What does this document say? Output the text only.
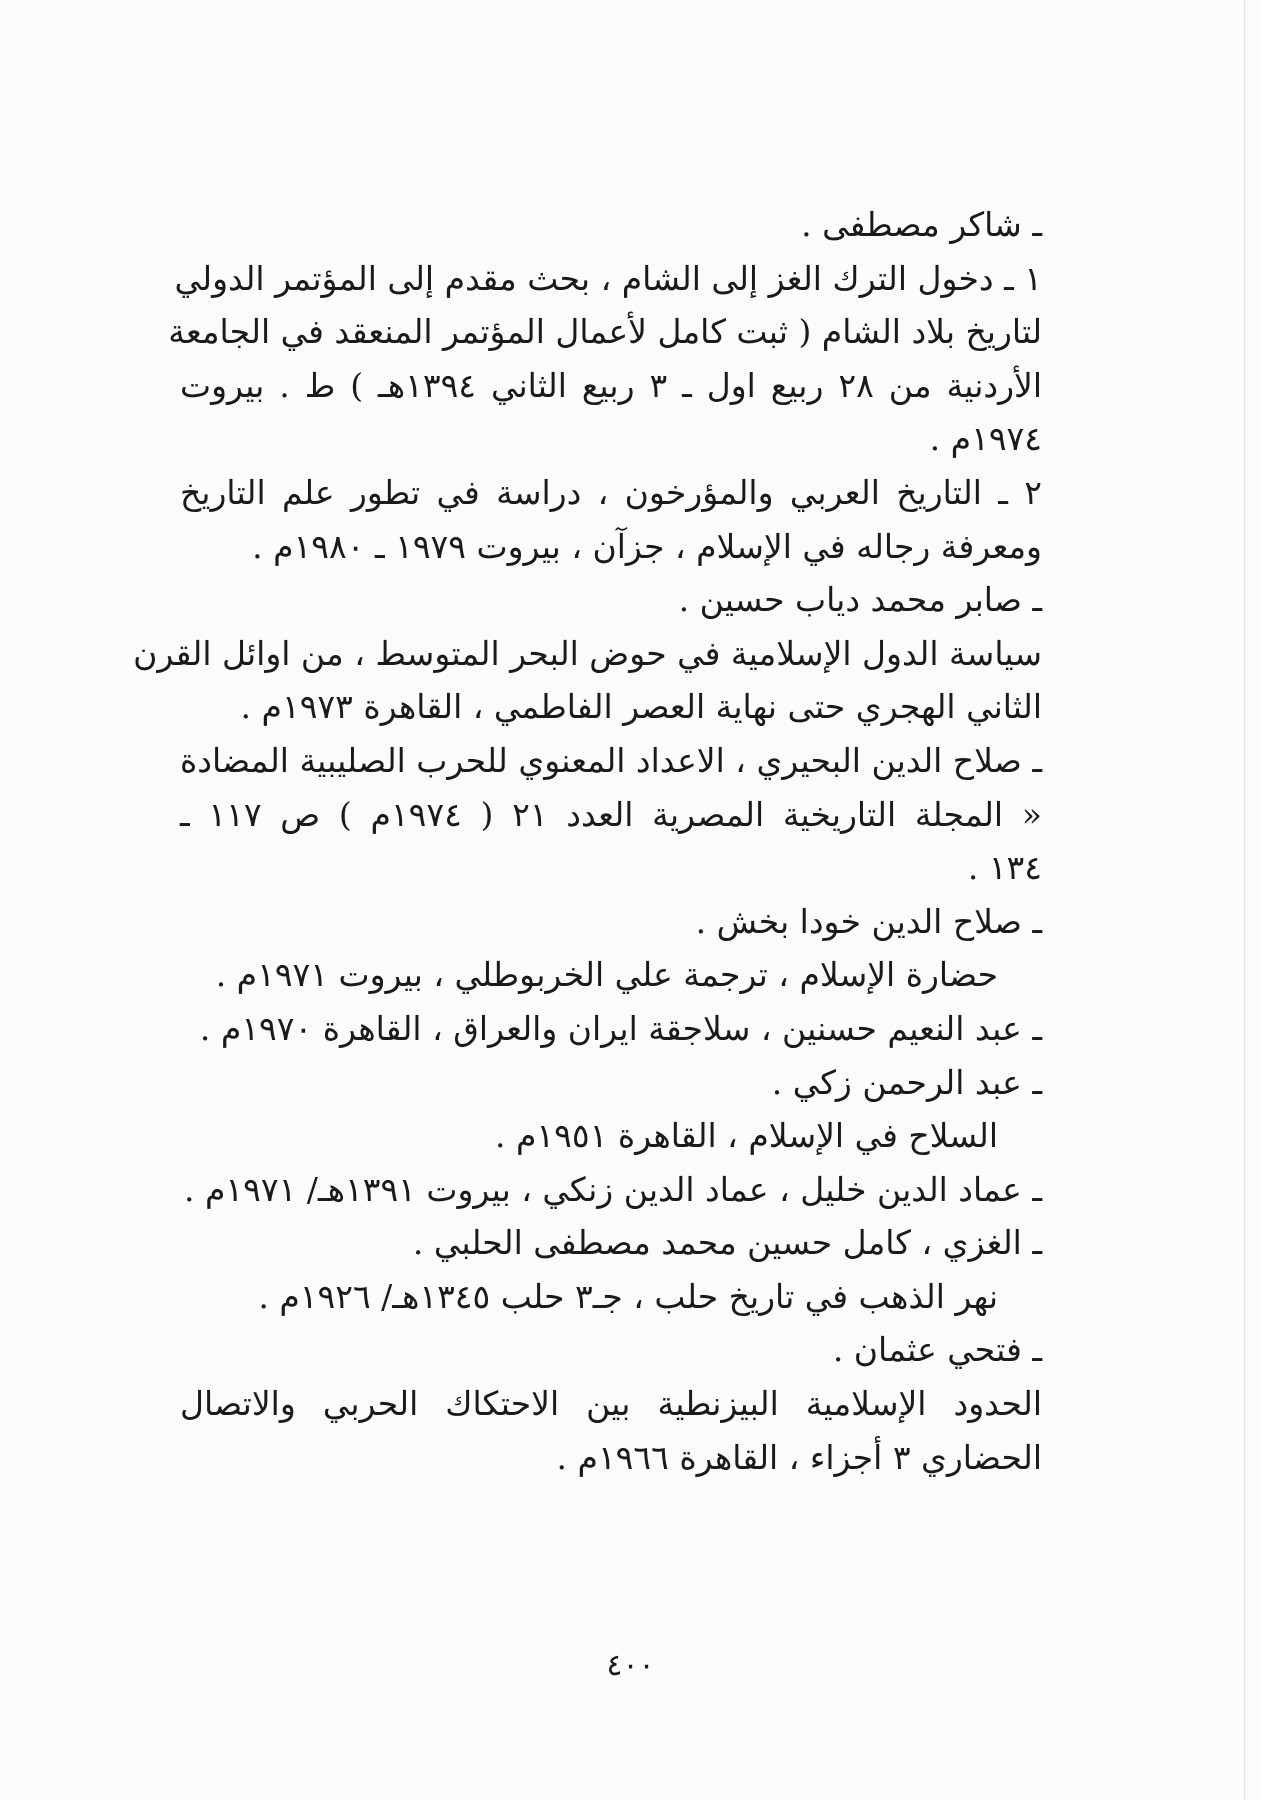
ـ شاكر مصطفى .
١ ـ دخول الترك الغز إلى الشام ، بحث مقدم إلى المؤتمر الدولي
لتاريخ بلاد الشام ( ثبت كامل لأعمال المؤتمر المنعقد في الجامعة
الأردنية من ٢٨ ربيع اول ـ ٣ ربيع الثاني ١٣٩٤هـ ) ط . بيروت
١٩٧٤م .
٢ ـ التاريخ العربي والمؤرخون ، دراسة في تطور علم التاريخ
ومعرفة رجاله في الإسلام ، جزآن ، بيروت ١٩٧٩ ـ ١٩٨٠م .
ـ صابر محمد دياب حسين .
سياسة الدول الإسلامية في حوض البحر المتوسط ، من اوائل القرن
الثاني الهجري حتى نهاية العصر الفاطمي ، القاهرة ١٩٧٣م .
ـ صلاح الدين البحيري ، الاعداد المعنوي للحرب الصليبية المضادة
« المجلة التاريخية المصرية العدد ٢١ ( ١٩٧٤م ) ص ١١٧ ـ
١٣٤ .
ـ صلاح الدين خودا بخش .
حضارة الإسلام ، ترجمة علي الخربوطلي ، بيروت ١٩٧١م .
ـ عبد النعيم حسنين ، سلاجقة ايران والعراق ، القاهرة ١٩٧٠م .
ـ عبد الرحمن زكي .
السلاح في الإسلام ، القاهرة ١٩٥١م .
ـ عماد الدين خليل ، عماد الدين زنكي ، بيروت ١٣٩١هـ/ ١٩٧١م .
ـ الغزي ، كامل حسين محمد مصطفى الحلبي .
نهر الذهب في تاريخ حلب ، جـ٣ حلب ١٣٤٥هـ/ ١٩٢٦م .
ـ فتحي عثمان .
الحدود الإسلامية البيزنطية بين الاحتكاك الحربي والاتصال
الحضاري ٣ أجزاء ، القاهرة ١٩٦٦م .
٤٠٠
